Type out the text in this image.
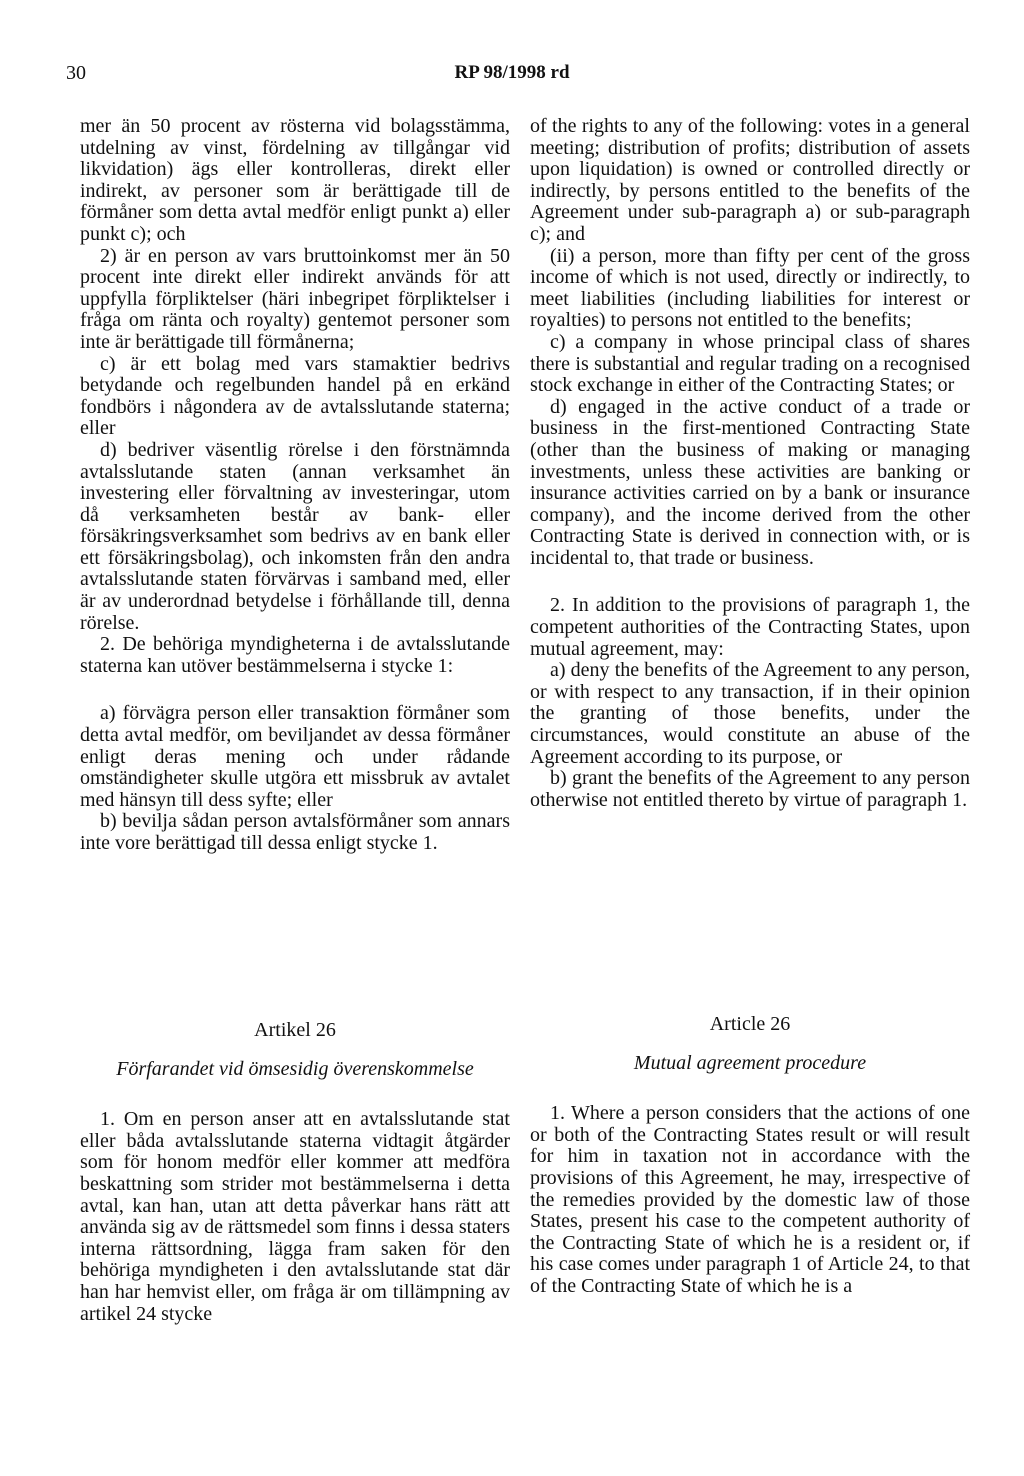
30	RP 98/1998 rd

mer än 50 procent av rösterna vid bolagsstämma, utdelning av vinst, fördelning av tillgångar vid likvidation) ägs eller kontrolleras, direkt eller indirekt, av personer som är berättigade till de förmåner som detta avtal medför enligt punkt a) eller punkt c); och

2) är en person av vars bruttoinkomst mer än 50 procent inte direkt eller indirekt används för att uppfylla förpliktelser (häri inbegripet förpliktelser i fråga om ränta och royalty) gentemot personer som inte är berättigade till förmånerna;

c) är ett bolag med vars stamaktier bedrivs betydande och regelbunden handel på en erkänd fondbörs i någondera av de avtalsslutande staterna; eller

d) bedriver väsentlig rörelse i den förstnämnda avtalsslutande staten (annan verksamhet än investering eller förvaltning av investeringar, utom då verksamheten består av bank- eller försäkringsverksamhet som bedrivs av en bank eller ett försäkringsbolag), och inkomsten från den andra avtalsslutande staten förvärvas i samband med, eller är av underordnad betydelse i förhållande till, denna rörelse.

2. De behöriga myndigheterna i de avtalsslutande staterna kan utöver bestämmelserna i stycke 1:

a) förvägra person eller transaktion förmåner som detta avtal medför, om beviljandet av dessa förmåner enligt deras mening och under rådande omständigheter skulle utgöra ett missbruk av avtalet med hänsyn till dess syfte; eller

b) bevilja sådan person avtalsförmåner som annars inte vore berättigad till dessa enligt stycke 1.

Artikel 26

Förfarandet vid ömsesidig överenskommelse

1. Om en person anser att en avtalsslutande stat eller båda avtalsslutande staterna vidtagit åtgärder som för honom medför eller kommer att medföra beskattning som strider mot bestämmelserna i detta avtal, kan han, utan att detta påverkar hans rätt att använda sig av de rättsmedel som finns i dessa staters interna rättsordning, lägga fram saken för den behöriga myndigheten i den avtalsslutande stat där han har hemvist eller, om fråga är om tillämpning av artikel 24 stycke

of the rights to any of the following: votes in a general meeting; distribution of profits; distribution of assets upon liquidation) is owned or controlled directly or indirectly, by persons entitled to the benefits of the Agreement under sub-paragraph a) or sub-paragraph c); and

(ii) a person, more than fifty per cent of the gross income of which is not used, directly or indirectly, to meet liabilities (including liabilities for interest or royalties) to persons not entitled to the benefits;

c) a company in whose principal class of shares there is substantial and regular trading on a recognised stock exchange in either of the Contracting States; or

d) engaged in the active conduct of a trade or business in the first-mentioned Contracting State (other than the business of making or managing investments, unless these activities are banking or insurance activities carried on by a bank or insurance company), and the income derived from the other Contracting State is derived in connection with, or is incidental to, that trade or business.

2. In addition to the provisions of paragraph 1, the competent authorities of the Contracting States, upon mutual agreement, may:

a) deny the benefits of the Agreement to any person, or with respect to any transaction, if in their opinion the granting of those benefits, under the circumstances, would constitute an abuse of the Agreement according to its purpose, or

b) grant the benefits of the Agreement to any person otherwise not entitled thereto by virtue of paragraph 1.

Article 26

Mutual agreement procedure

1. Where a person considers that the actions of one or both of the Contracting States result or will result for him in taxation not in accordance with the provisions of this Agreement, he may, irrespective of the remedies provided by the domestic law of those States, present his case to the competent authority of the Contracting State of which he is a resident or, if his case comes under paragraph 1 of Article 24, to that of the Contracting State of which he is a
